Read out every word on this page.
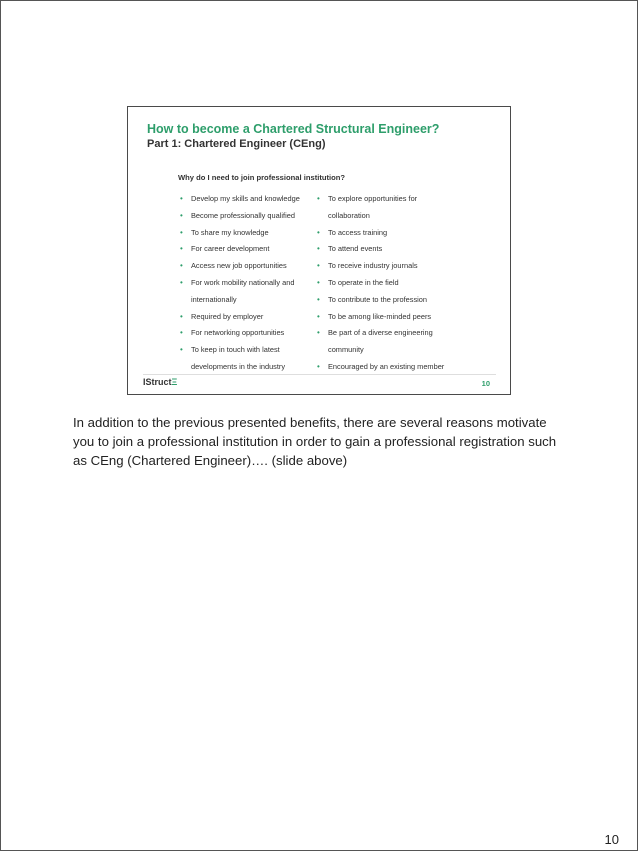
How to become a Chartered Structural Engineer?
Part 1: Chartered Engineer (CEng)
Why do I need to join professional institution?
• Develop my skills and knowledge
• Become professionally qualified
• To share my knowledge
• For career development
• Access new job opportunities
• For work mobility nationally and
internationally
• Required by employer
• For networking opportunities
• To keep in touch with latest
developments in the industry
• To explore opportunities for
collaboration
• To access training
• To attend events
• To receive industry journals
• To operate in the field
• To contribute to the profession
• To be among like-minded peers
• Be part of a diverse engineering
community
• Encouraged by an existing member
IStructΞ	10
In addition to the previous presented benefits, there are several reasons motivate
you to join a professional institution in order to gain a professional registration such
as CEng (Chartered Engineer)…. (slide above)
10
